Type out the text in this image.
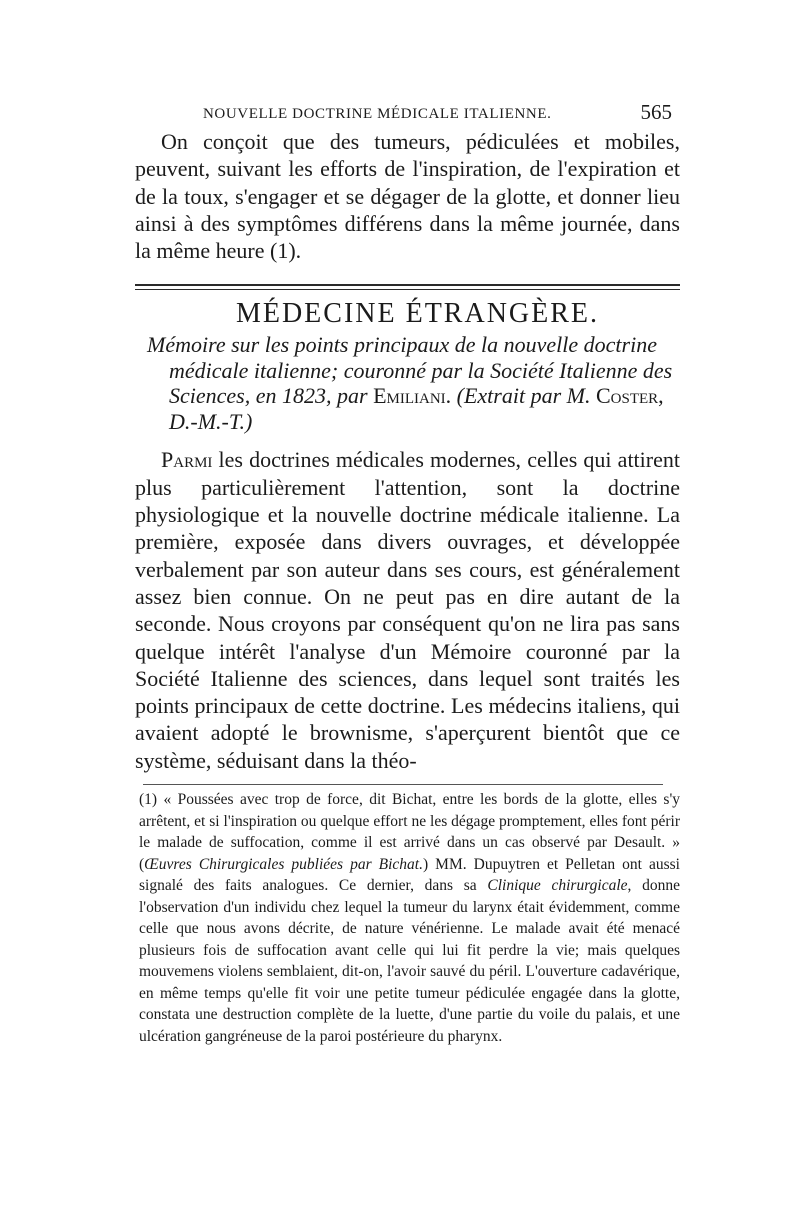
NOUVELLE DOCTRINE MÉDICALE ITALIENNE.	565

On conçoit que des tumeurs, pédiculées et mobiles, peuvent, suivant les efforts de l'inspiration, de l'expiration et de la toux, s'engager et se dégager de la glotte, et donner lieu ainsi à des symptômes différens dans la même journée, dans la même heure (1).

MÉDECINE ÉTRANGÈRE.
Mémoire sur les points principaux de la nouvelle doctrine
médicale italienne; couronné par la Société Italienne des
Sciences, en 1823, par Emiliani. (Extrait par M. Coster,
D.-M.-T.)

Parmi les doctrines médicales modernes, celles qui attirent plus particulièrement l'attention, sont la doctrine physiologique et la nouvelle doctrine médicale italienne. La première, exposée dans divers ouvrages, et développée verbalement par son auteur dans ses cours, est généralement assez bien connue. On ne peut pas en dire autant de la seconde. Nous croyons par conséquent qu'on ne lira pas sans quelque intérêt l'analyse d'un Mémoire couronné par la Société Italienne des sciences, dans lequel sont traités les points principaux de cette doctrine. Les médecins italiens, qui avaient adopté le brownisme, s'aperçurent bientôt que ce système, séduisant dans la théo-

(1) « Poussées avec trop de force, dit Bichat, entre les bords de la glotte, elles s'y arrêtent, et si l'inspiration ou quelque effort ne les dégage promptement, elles font périr le malade de suffocation, comme il est arrivé dans un cas observé par Desault. » (Œuvres Chirurgicales publiées par Bichat.) MM. Dupuytren et Pelletan ont aussi signalé des faits analogues. Ce dernier, dans sa Clinique chirurgicale, donne l'observation d'un individu chez lequel la tumeur du larynx était évidemment, comme celle que nous avons décrite, de nature vénérienne. Le malade avait été menacé plusieurs fois de suffocation avant celle qui lui fit perdre la vie; mais quelques mouvemens violens semblaient, dit-on, l'avoir sauvé du péril. L'ouverture cadavérique, en même temps qu'elle fit voir une petite tumeur pédiculée engagée dans la glotte, constata une destruction complète de la luette, d'une partie du voile du palais, et une ulcération gangréneuse de la paroi postérieure du pharynx.
